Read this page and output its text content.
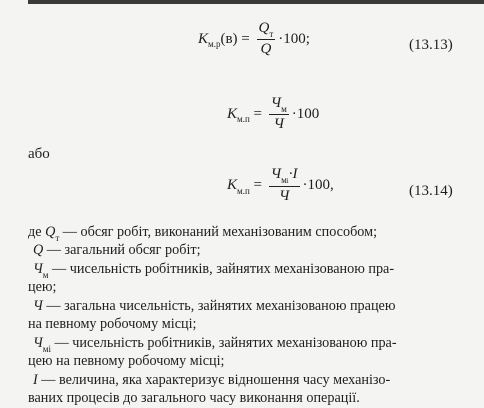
K м.р $(в) = \frac{Q_т}{Q} \cdot 100$;	(13.13)
K $м.п = \frac{Ч_м}{Ч} \cdot 100$
або
K $м.п = \frac{Ч_{мі}\cdot I}{Ч} \cdot 100$,	(13.14)
де $Q_т$ — обсяг робіт, виконаний механізованим способом;
Q — загальний обсяг робіт;
$Ч_м$ — чисельність робітників, зайнятих механізованою пра-
цею;
Ч — загальна чисельність, зайнятих механізованою працею
на певному робочому місці;
$Ч_{мі}$ — чисельність робітників, зайнятих механізованою пра-
цею на певному робочому місці;
I — величина, яка характеризує відношення часу механізо-
ваних процесів до загального часу виконання операції.
